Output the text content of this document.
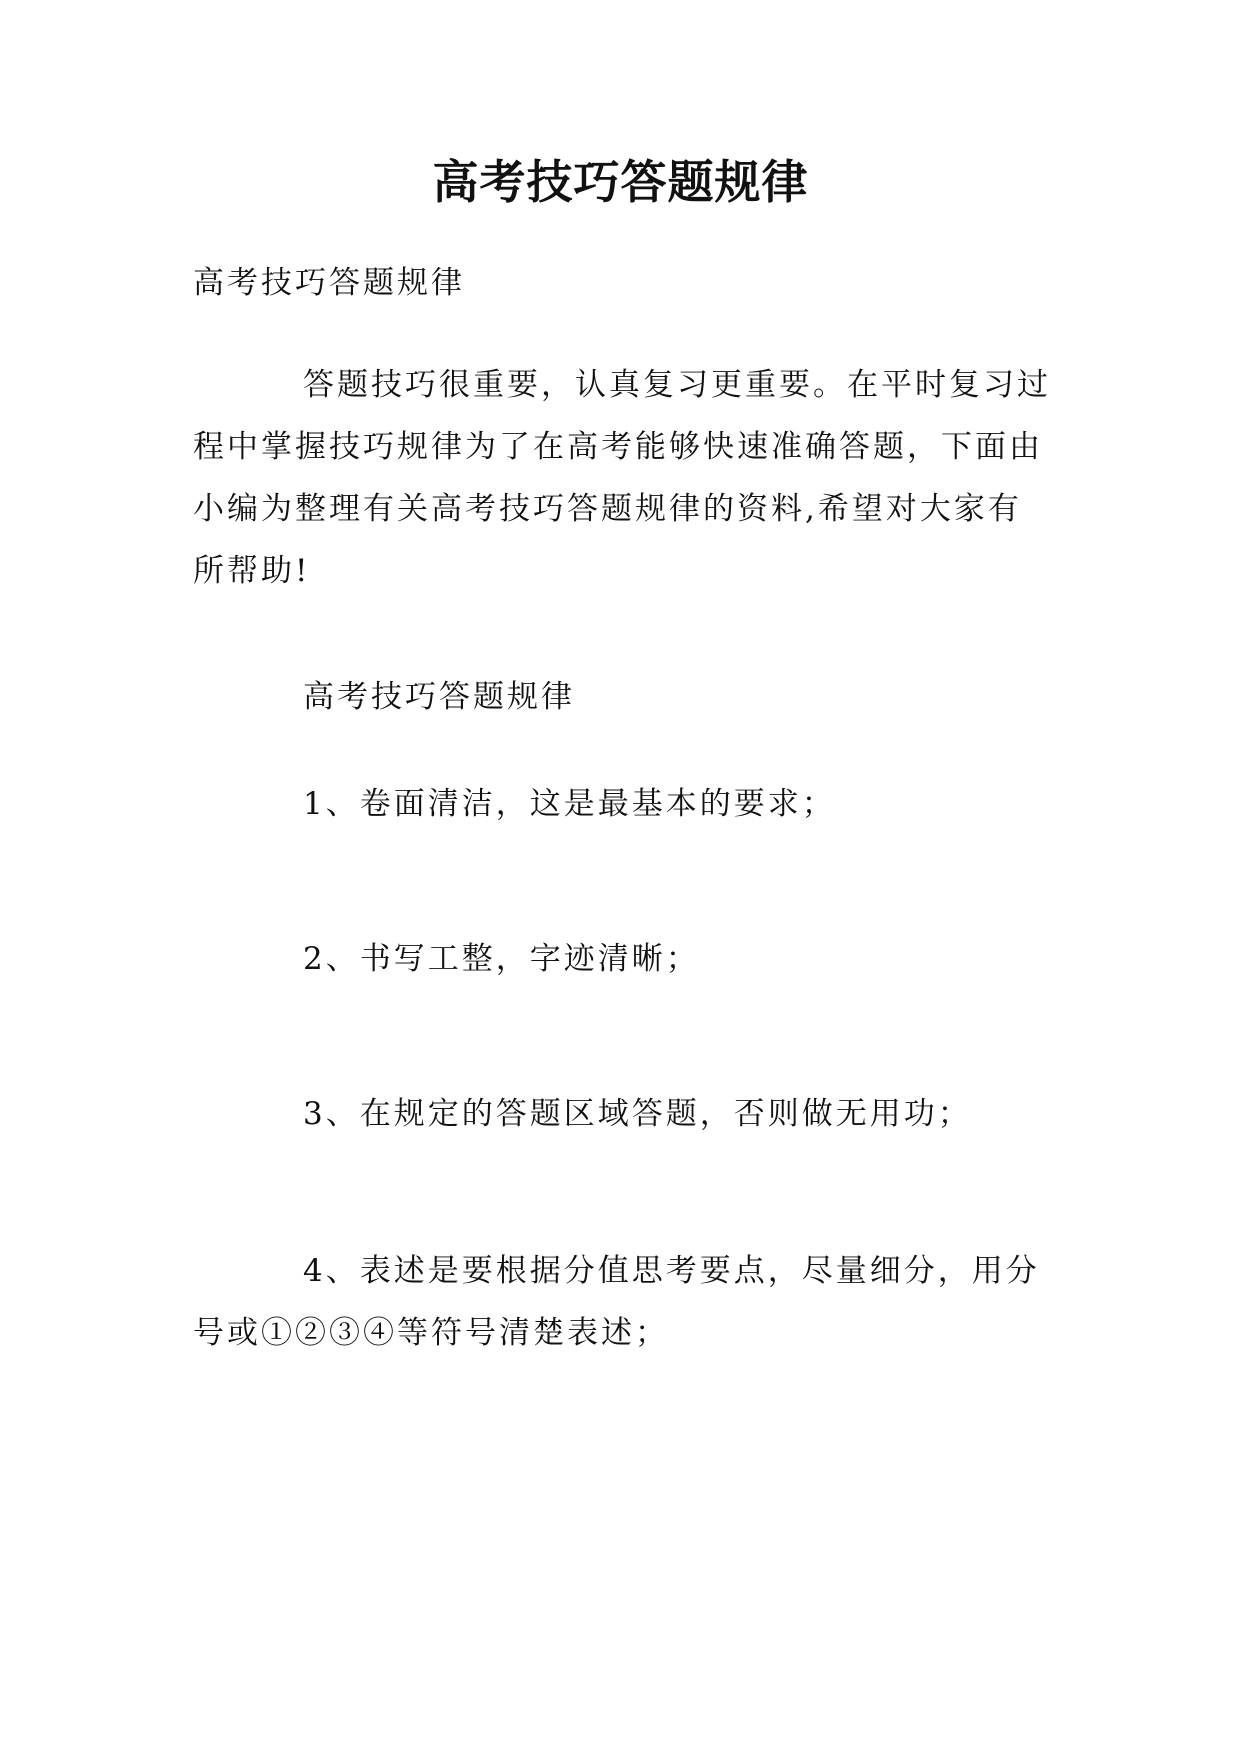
高考技巧答题规律
高考技巧答题规律

答题技巧很重要，认真复习更重要。在平时复习过程中掌握技巧规律为了在高考能够快速准确答题，下面由小编为整理有关高考技巧答题规律的资料,希望对大家有所帮助!

高考技巧答题规律
1、卷面清洁，这是最基本的要求；
2、书写工整，字迹清晰；
3、在规定的答题区域答题，否则做无用功；

4、表述是要根据分值思考要点，尽量细分，用分号或①②③④等符号清楚表述；
